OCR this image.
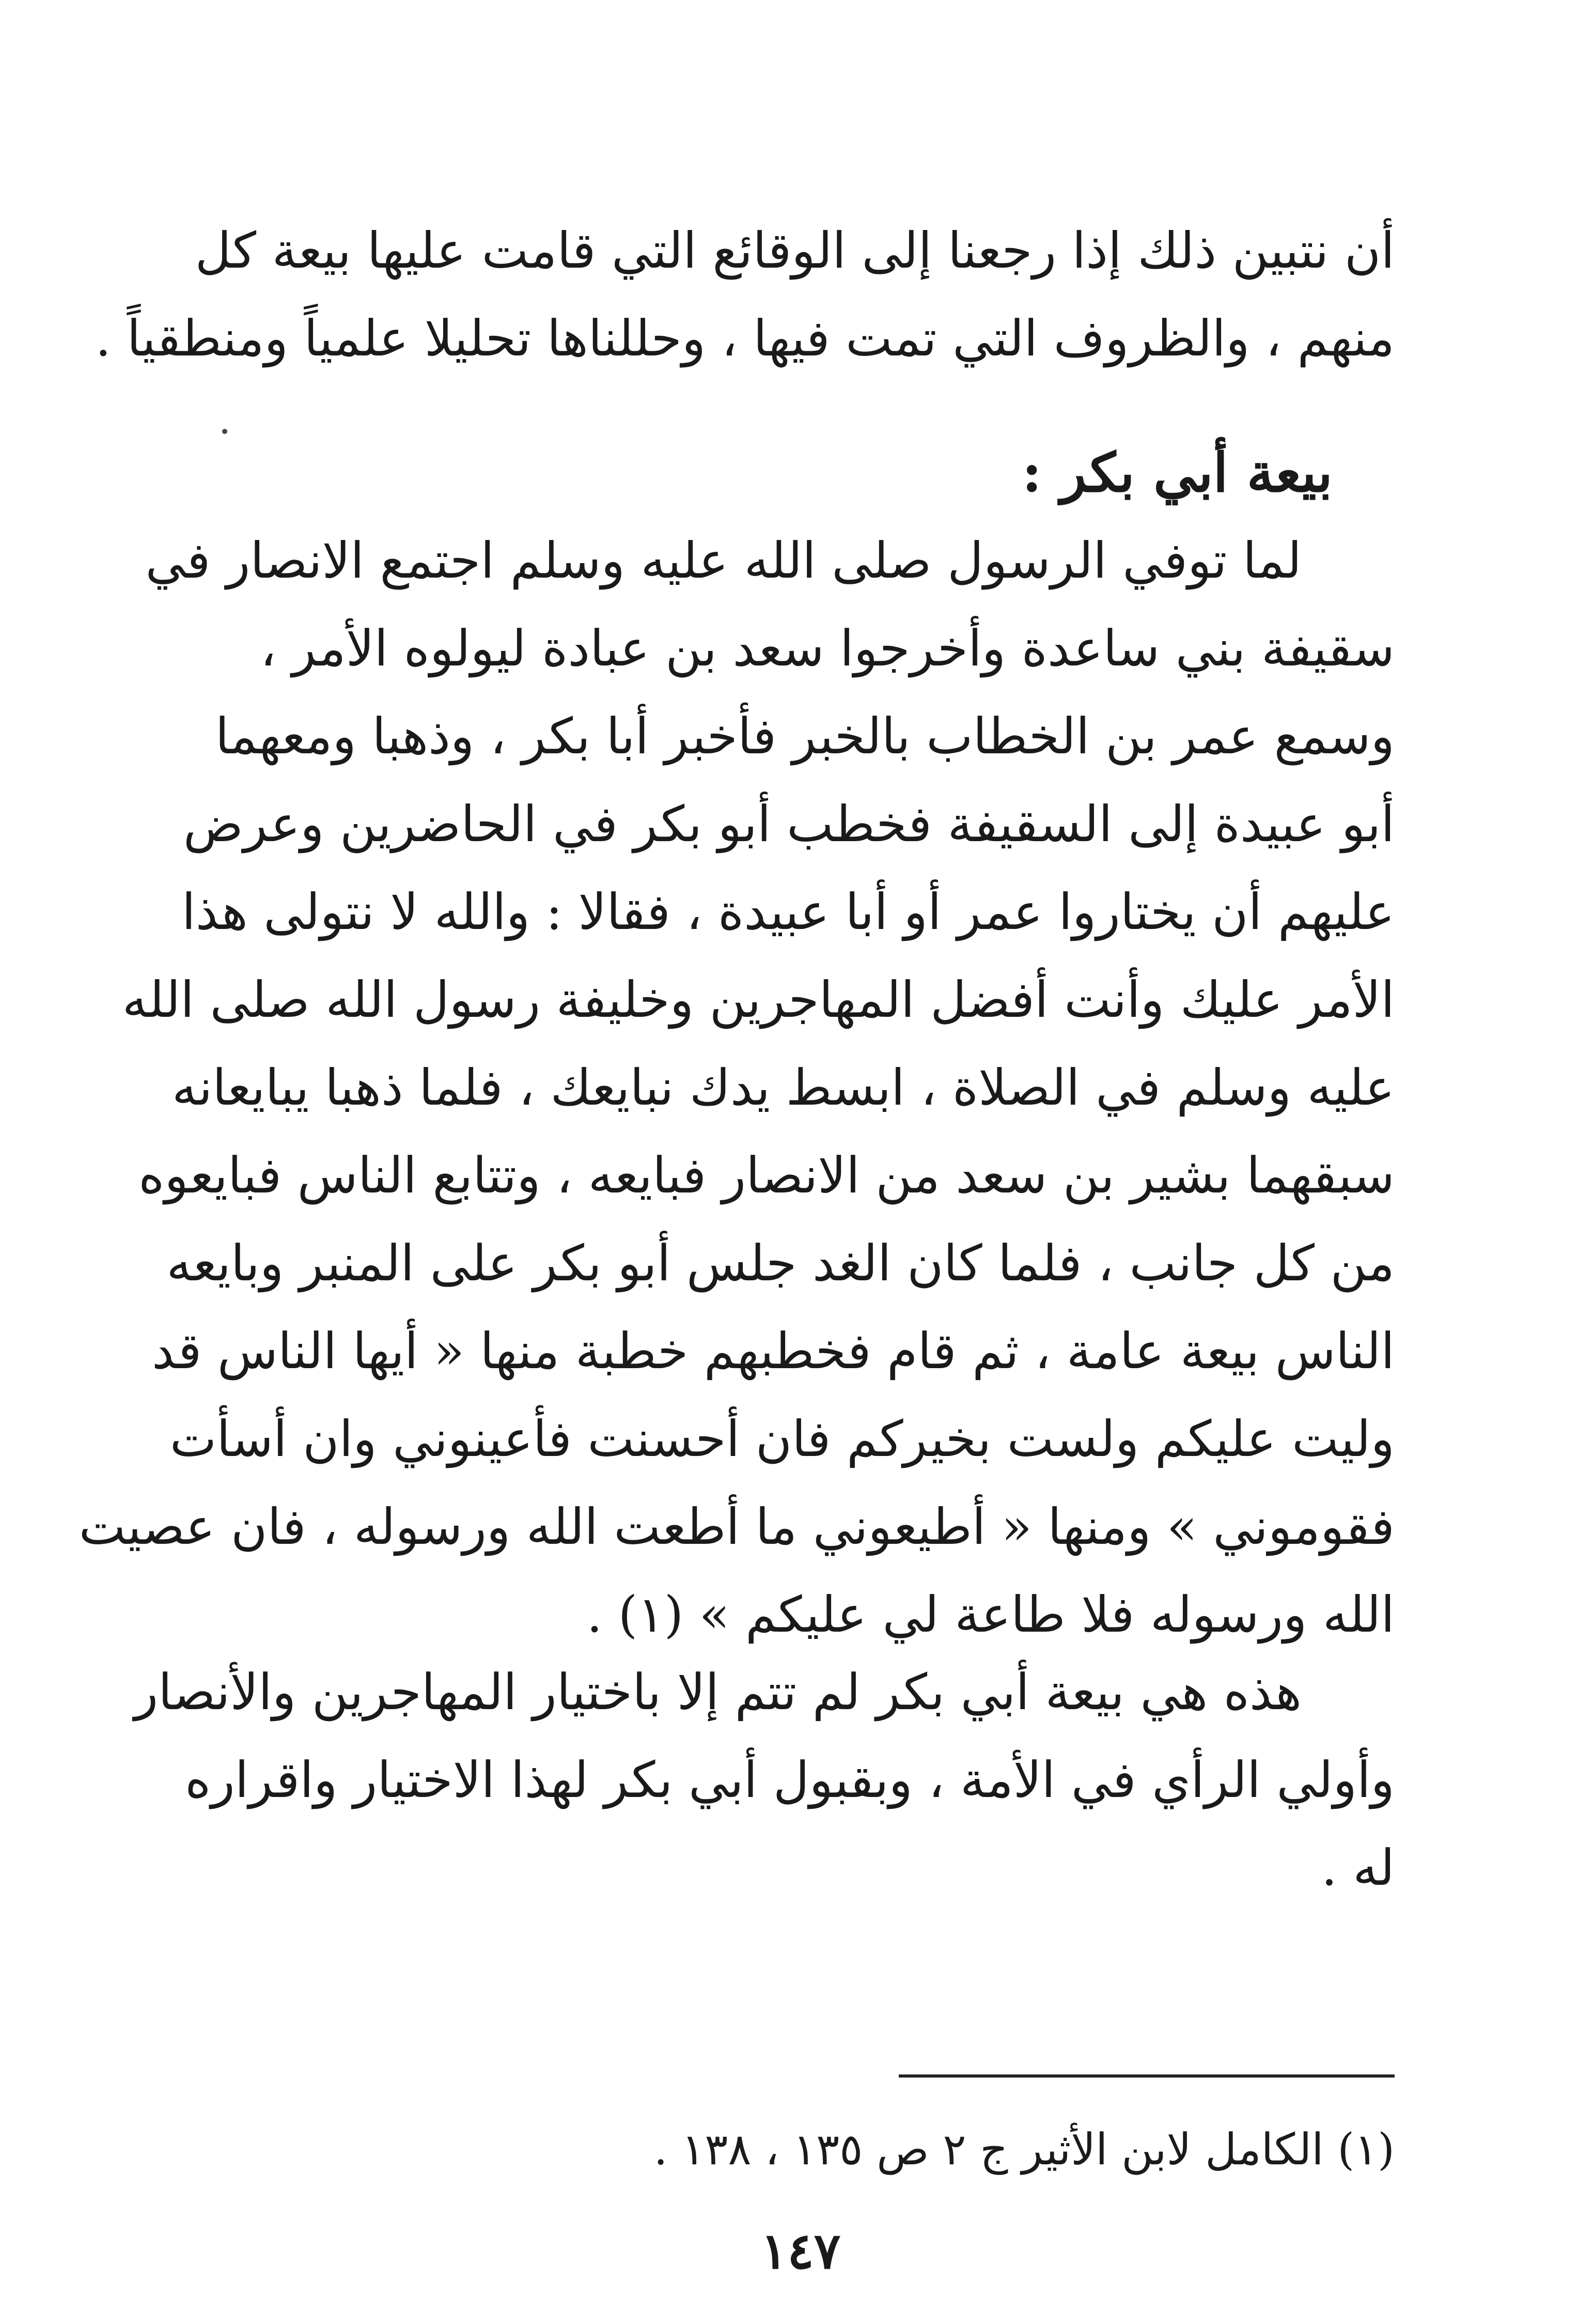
أن نتبين ذلك إذا رجعنا إلى الوقائع التي قامت عليها بيعة كل
منهم ، والظروف التي تمت فيها ، وحللناها تحليلا علمياً ومنطقياً .
بيعة أبي بكر :
لما توفي الرسول صلى الله عليه وسلم اجتمع الانصار في
سقيفة بني ساعدة وأخرجوا سعد بن عبادة ليولوه الأمر ،
وسمع عمر بن الخطاب بالخبر فأخبر أبا بكر ، وذهبا ومعهما
أبو عبيدة إلى السقيفة فخطب أبو بكر في الحاضرين وعرض
عليهم أن يختاروا عمر أو أبا عبيدة ، فقالا : والله لا نتولى هذا
الأمر عليك وأنت أفضل المهاجرين وخليفة رسول الله صلى الله
عليه وسلم في الصلاة ، ابسط يدك نبايعك ، فلما ذهبا يبايعانه
سبقهما بشير بن سعد من الانصار فبايعه ، وتتابع الناس فبايعوه
من كل جانب ، فلما كان الغد جلس أبو بكر على المنبر وبايعه
الناس بيعة عامة ، ثم قام فخطبهم خطبة منها « أيها الناس قد
وليت عليكم ولست بخيركم فان أحسنت فأعينوني وان أسأت
فقوموني » ومنها « أطيعوني ما أطعت الله ورسوله ، فان عصيت
الله ورسوله فلا طاعة لي عليكم » (١) .
هذه هي بيعة أبي بكر لم تتم إلا باختيار المهاجرين والأنصار
وأولي الرأي في الأمة ، وبقبول أبي بكر لهذا الاختيار واقراره
له .
(١) الكامل لابن الأثير ج ٢ ص ١٣٥ ، ١٣٨ .
١٤٧
